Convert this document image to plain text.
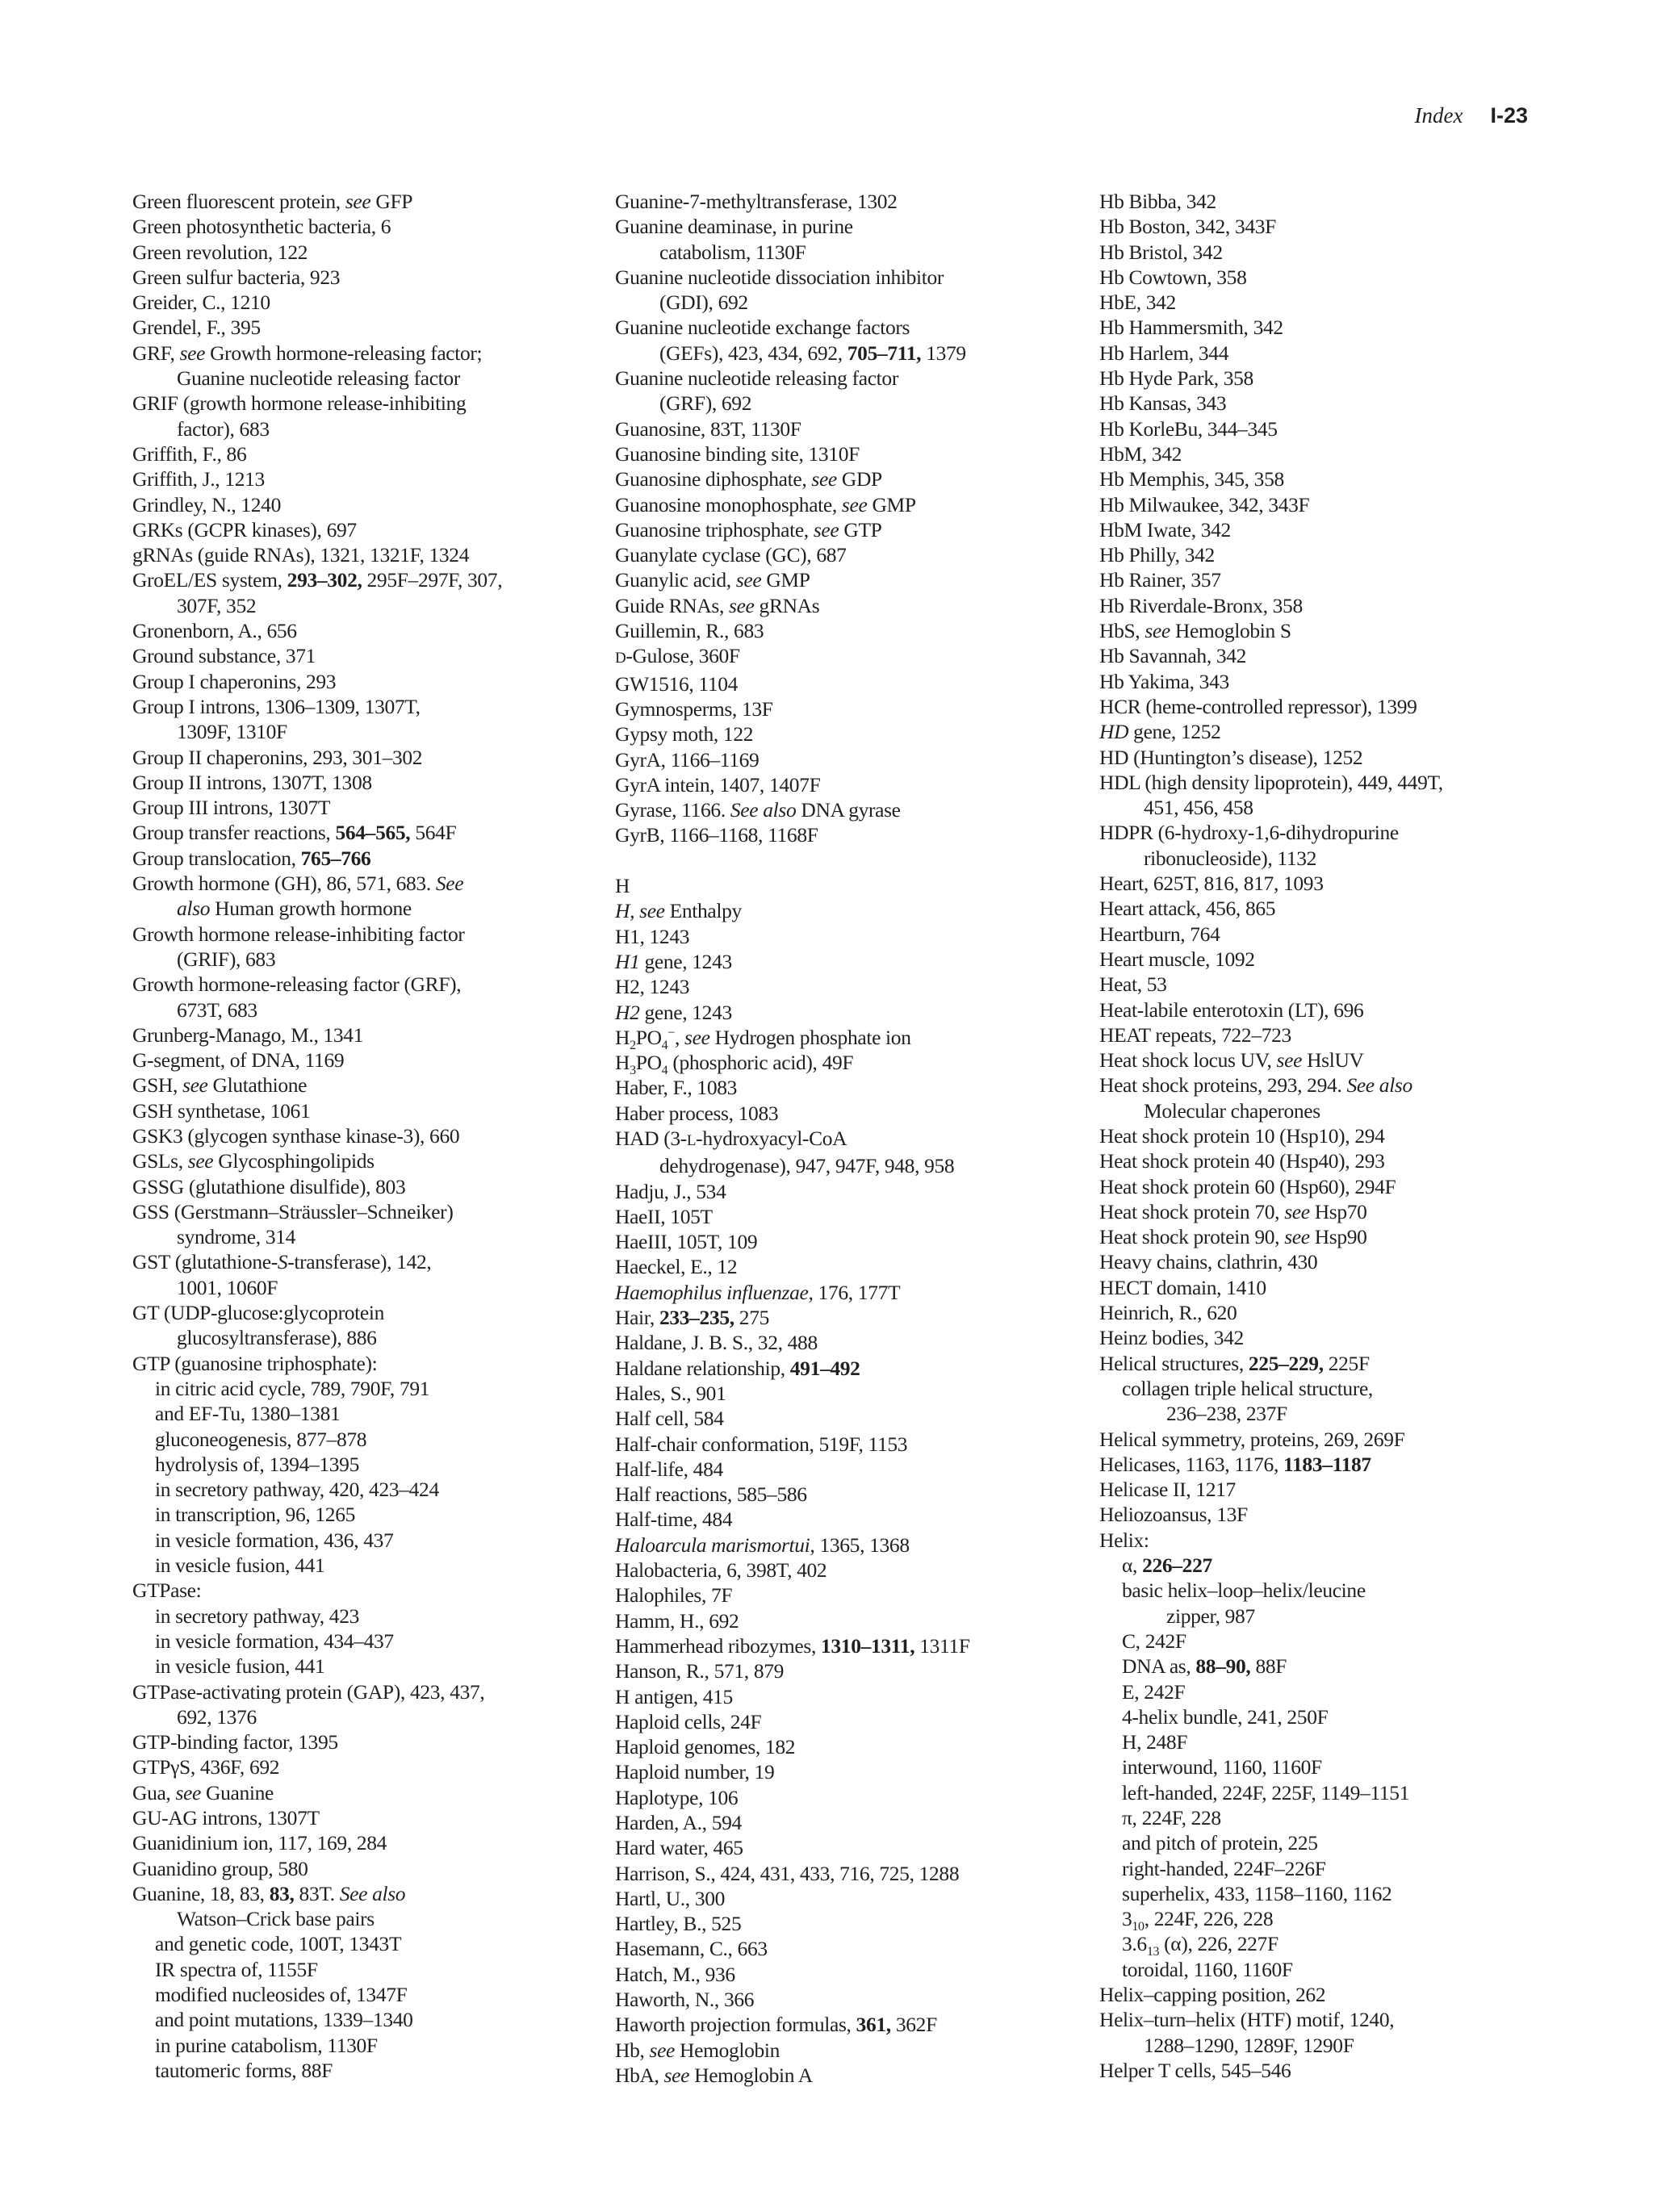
Index I-23
Green fluorescent protein, see GFP
Green photosynthetic bacteria, 6
Green revolution, 122
Green sulfur bacteria, 923
Greider, C., 1210
Grendel, F., 395
GRF, see Growth hormone-releasing factor;
Guanine nucleotide releasing factor
GRIF (growth hormone release-inhibiting
factor), 683
Griffith, F., 86
Griffith, J., 1213
Grindley, N., 1240
GRKs (GCPR kinases), 697
gRNAs (guide RNAs), 1321, 1321F, 1324
GroEL/ES system, 293–302, 295F–297F, 307,
307F, 352
Gronenborn, A., 656
Ground substance, 371
Group I chaperonins, 293
Group I introns, 1306–1309, 1307T,
1309F, 1310F
Group II chaperonins, 293, 301–302
Group II introns, 1307T, 1308
Group III introns, 1307T
Group transfer reactions, 564–565, 564F
Group translocation, 765–766
Growth hormone (GH), 86, 571, 683. See
also Human growth hormone
Growth hormone release-inhibiting factor
(GRIF), 683
Growth hormone-releasing factor (GRF),
673T, 683
Grunberg-Manago, M., 1341
G-segment, of DNA, 1169
GSH, see Glutathione
GSH synthetase, 1061
GSK3 (glycogen synthase kinase-3), 660
GSLs, see Glycosphingolipids
GSSG (glutathione disulfide), 803
GSS (Gerstmann–Sträussler–Schneiker)
syndrome, 314
GST (glutathione-S-transferase), 142,
1001, 1060F
GT (UDP-glucose:glycoprotein
glucosyltransferase), 886
GTP (guanosine triphosphate):
in citric acid cycle, 789, 790F, 791
and EF-Tu, 1380–1381
gluconeogenesis, 877–878
hydrolysis of, 1394–1395
in secretory pathway, 420, 423–424
in transcription, 96, 1265
in vesicle formation, 436, 437
in vesicle fusion, 441
GTPase:
in secretory pathway, 423
in vesicle formation, 434–437
in vesicle fusion, 441
GTPase-activating protein (GAP), 423, 437,
692, 1376
GTP-binding factor, 1395
GTPγS, 436F, 692
Gua, see Guanine
GU-AG introns, 1307T
Guanidinium ion, 117, 169, 284
Guanidino group, 580
Guanine, 18, 83, 83, 83T. See also
Watson–Crick base pairs
and genetic code, 100T, 1343T
IR spectra of, 1155F
modified nucleosides of, 1347F
and point mutations, 1339–1340
in purine catabolism, 1130F
tautomeric forms, 88F
Guanine-7-methyltransferase, 1302
Guanine deaminase, in purine
catabolism, 1130F
Guanine nucleotide dissociation inhibitor
(GDI), 692
Guanine nucleotide exchange factors
(GEFs), 423, 434, 692, 705–711, 1379
Guanine nucleotide releasing factor
(GRF), 692
Guanosine, 83T, 1130F
Guanosine binding site, 1310F
Guanosine diphosphate, see GDP
Guanosine monophosphate, see GMP
Guanosine triphosphate, see GTP
Guanylate cyclase (GC), 687
Guanylic acid, see GMP
Guide RNAs, see gRNAs
Guillemin, R., 683
D-Gulose, 360F
GW1516, 1104
Gymnosperms, 13F
Gypsy moth, 122
GyrA, 1166–1169
GyrA intein, 1407, 1407F
Gyrase, 1166. See also DNA gyrase
GyrB, 1166–1168, 1168F
H
H, see Enthalpy
H1, 1243
H1 gene, 1243
H2, 1243
H2 gene, 1243
$H_2PO_4^-$, see Hydrogen phosphate ion
$H_3PO_4$ (phosphoric acid), 49F
Haber, F., 1083
Haber process, 1083
HAD (3-L-hydroxyacyl-CoA
dehydrogenase), 947, 947F, 948, 958
Hadju, J., 534
HaeII, 105T
HaeIII, 105T, 109
Haeckel, E., 12
Haemophilus influenzae, 176, 177T
Hair, 233–235, 275
Haldane, J. B. S., 32, 488
Haldane relationship, 491–492
Hales, S., 901
Half cell, 584
Half-chair conformation, 519F, 1153
Half-life, 484
Half reactions, 585–586
Half-time, 484
Haloarcula marismortui, 1365, 1368
Halobacteria, 6, 398T, 402
Halophiles, 7F
Hamm, H., 692
Hammerhead ribozymes, 1310–1311, 1311F
Hanson, R., 571, 879
H antigen, 415
Haploid cells, 24F
Haploid genomes, 182
Haploid number, 19
Haplotype, 106
Harden, A., 594
Hard water, 465
Harrison, S., 424, 431, 433, 716, 725, 1288
Hartl, U., 300
Hartley, B., 525
Hasemann, C., 663
Hatch, M., 936
Haworth, N., 366
Haworth projection formulas, 361, 362F
Hb, see Hemoglobin
HbA, see Hemoglobin A
Hb Bibba, 342
Hb Boston, 342, 343F
Hb Bristol, 342
Hb Cowtown, 358
HbE, 342
Hb Hammersmith, 342
Hb Harlem, 344
Hb Hyde Park, 358
Hb Kansas, 343
Hb KorleBu, 344–345
HbM, 342
Hb Memphis, 345, 358
Hb Milwaukee, 342, 343F
HbM Iwate, 342
Hb Philly, 342
Hb Rainer, 357
Hb Riverdale-Bronx, 358
HbS, see Hemoglobin S
Hb Savannah, 342
Hb Yakima, 343
HCR (heme-controlled repressor), 1399
HD gene, 1252
HD (Huntington’s disease), 1252
HDL (high density lipoprotein), 449, 449T,
451, 456, 458
HDPR (6-hydroxy-1,6-dihydropurine
ribonucleoside), 1132
Heart, 625T, 816, 817, 1093
Heart attack, 456, 865
Heartburn, 764
Heart muscle, 1092
Heat, 53
Heat-labile enterotoxin (LT), 696
HEAT repeats, 722–723
Heat shock locus UV, see HslUV
Heat shock proteins, 293, 294. See also
Molecular chaperones
Heat shock protein 10 (Hsp10), 294
Heat shock protein 40 (Hsp40), 293
Heat shock protein 60 (Hsp60), 294F
Heat shock protein 70, see Hsp70
Heat shock protein 90, see Hsp90
Heavy chains, clathrin, 430
HECT domain, 1410
Heinrich, R., 620
Heinz bodies, 342
Helical structures, 225–229, 225F
collagen triple helical structure,
236–238, 237F
Helical symmetry, proteins, 269, 269F
Helicases, 1163, 1176, 1183–1187
Helicase II, 1217
Heliozoansus, 13F
Helix:
α, 226–227
basic helix–loop–helix/leucine
zipper, 987
C, 242F
DNA as, 88–90, 88F
E, 242F
4-helix bundle, 241, 250F
H, 248F
interwound, 1160, 1160F
left-handed, 224F, 225F, 1149–1151
π, 224F, 228
and pitch of protein, 225
right-handed, 224F–226F
superhelix, 433, 1158–1160, 1162
$3_{10}$, 224F, 226, 228
$3.6_{13}$ (α), 226, 227F
toroidal, 1160, 1160F
Helix–capping position, 262
Helix–turn–helix (HTF) motif, 1240,
1288–1290, 1289F, 1290F
Helper T cells, 545–546
